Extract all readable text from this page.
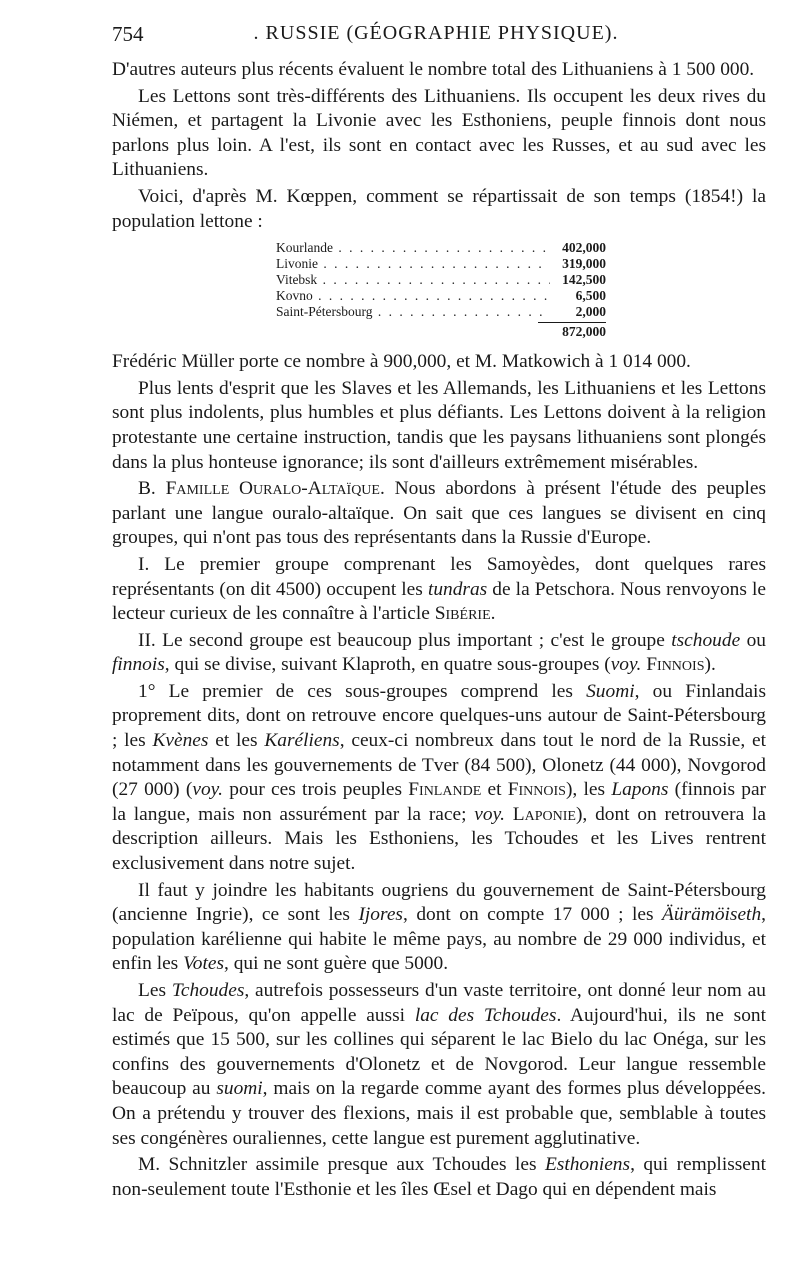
754	. RUSSIE (GÉOGRAPHIE PHYSIQUE).

D'autres auteurs plus récents évaluent le nombre total des Lithuaniens à 1 500 000.

Les Lettons sont très-différents des Lithuaniens. Ils occupent les deux rives du Niémen, et partagent la Livonie avec les Esthoniens, peuple finnois dont nous parlons plus loin. A l'est, ils sont en contact avec les Russes, et au sud avec les Lithuaniens.

Voici, d'après M. Kœppen, comment se répartissait de son temps (1854!) la population lettone :

Kourlande . . .	402,000
Livonie . . .	319,000
Vitebsk . . .	142,500
Kovno . . .	6,500
Saint-Pétersbourg . . .	2,000
872,000

Frédéric Müller porte ce nombre à 900,000, et M. Matkowich à 1 014 000.

Plus lents d'esprit que les Slaves et les Allemands, les Lithuaniens et les Lettons sont plus indolents, plus humbles et plus défiants. Les Lettons doivent à la religion protestante une certaine instruction, tandis que les paysans lithuaniens sont plongés dans la plus honteuse ignorance; ils sont d'ailleurs extrêmement misérables.

B. Famille Ouralo-Altaïque. Nous abordons à présent l'étude des peuples parlant une langue ouralo-altaïque. On sait que ces langues se divisent en cinq groupes, qui n'ont pas tous des représentants dans la Russie d'Europe.

I. Le premier groupe comprenant les Samoyèdes, dont quelques rares représentants (on dit 4500) occupent les tundras de la Petschora. Nous renvoyons le lecteur curieux de les connaître à l'article Sibérie.

II. Le second groupe est beaucoup plus important ; c'est le groupe tschoude ou finnois, qui se divise, suivant Klaproth, en quatre sous-groupes (voy. Finnois).

1° Le premier de ces sous-groupes comprend les Suomi, ou Finlandais proprement dits, dont on retrouve encore quelques-uns autour de Saint-Pétersbourg ; les Kvènes et les Karéliens, ceux-ci nombreux dans tout le nord de la Russie, et notamment dans les gouvernements de Tver (84 500), Olonetz (44 000), Novgorod (27 000) (voy. pour ces trois peuples Finlande et Finnois), les Lapons (finnois par la langue, mais non assurément par la race; voy. Laponie), dont on retrouvera la description ailleurs. Mais les Esthoniens, les Tchoudes et les Lives rentrent exclusivement dans notre sujet.

Il faut y joindre les habitants ougriens du gouvernement de Saint-Pétersbourg (ancienne Ingrie), ce sont les Ijores, dont on compte 17 000 ; les Äürämöiseth, population karélienne qui habite le même pays, au nombre de 29 000 individus, et enfin les Votes, qui ne sont guère que 5000.

Les Tchoudes, autrefois possesseurs d'un vaste territoire, ont donné leur nom au lac de Peïpous, qu'on appelle aussi lac des Tchoudes. Aujourd'hui, ils ne sont estimés que 15 500, sur les collines qui séparent le lac Bielo du lac Onéga, sur les confins des gouvernements d'Olonetz et de Novgorod. Leur langue ressemble beaucoup au suomi, mais on la regarde comme ayant des formes plus développées. On a prétendu y trouver des flexions, mais il est probable que, semblable à toutes ses congénères ouraliennes, cette langue est purement agglutinative.

M. Schnitzler assimile presque aux Tchoudes les Esthoniens, qui remplissent non-seulement toute l'Esthonie et les îles Œsel et Dago qui en dépendent mais
